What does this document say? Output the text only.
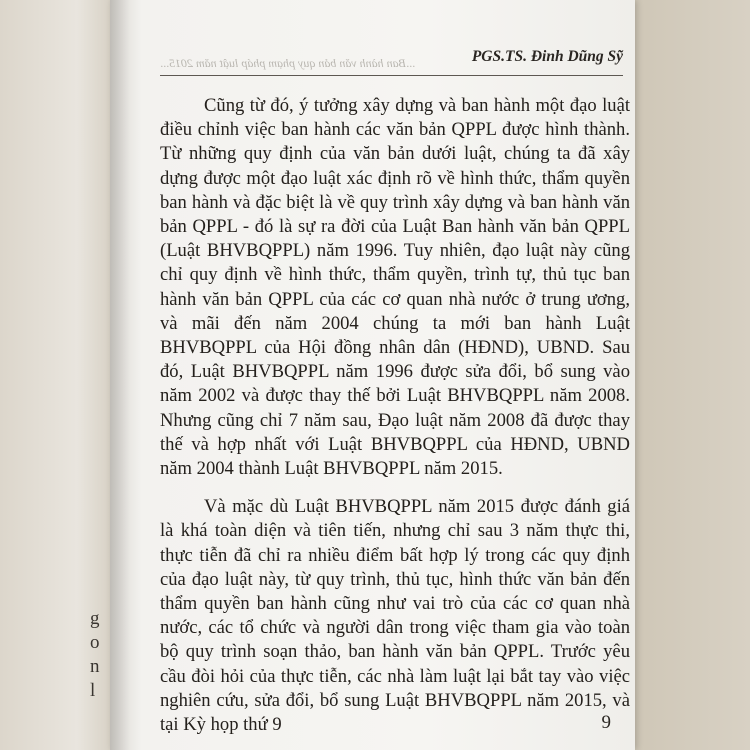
g
o
n
l
...Ban hành văn bản quy phạm pháp luật năm 2015...	PGS.TS. Đinh Dũng Sỹ

Cũng từ đó, ý tưởng xây dựng và ban hành một đạo luật điều chỉnh việc ban hành các văn bản QPPL được hình thành. Từ những quy định của văn bản dưới luật, chúng ta đã xây dựng được một đạo luật xác định rõ về hình thức, thẩm quyền ban hành và đặc biệt là về quy trình xây dựng và ban hành văn bản QPPL - đó là sự ra đời của Luật Ban hành văn bản QPPL (Luật BHVBQPPL) năm 1996. Tuy nhiên, đạo luật này cũng chỉ quy định về hình thức, thẩm quyền, trình tự, thủ tục ban hành văn bản QPPL của các cơ quan nhà nước ở trung ương, và mãi đến năm 2004 chúng ta mới ban hành Luật BHVBQPPL của Hội đồng nhân dân (HĐND), UBND. Sau đó, Luật BHVBQPPL năm 1996 được sửa đổi, bổ sung vào năm 2002 và được thay thế bởi Luật BHVBQPPL năm 2008. Nhưng cũng chỉ 7 năm sau, Đạo luật năm 2008 đã được thay thế và hợp nhất với Luật BHVBQPPL của HĐND, UBND năm 2004 thành Luật BHVBQPPL năm 2015.

Và mặc dù Luật BHVBQPPL năm 2015 được đánh giá là khá toàn diện và tiên tiến, nhưng chỉ sau 3 năm thực thi, thực tiễn đã chỉ ra nhiều điểm bất hợp lý trong các quy định của đạo luật này, từ quy trình, thủ tục, hình thức văn bản đến thẩm quyền ban hành cũng như vai trò của các cơ quan nhà nước, các tổ chức và người dân trong việc tham gia vào toàn bộ quy trình soạn thảo, ban hành văn bản QPPL. Trước yêu cầu đòi hỏi của thực tiễn, các nhà làm luật lại bắt tay vào việc nghiên cứu, sửa đổi, bổ sung Luật BHVBQPPL năm 2015, và tại Kỳ họp thứ 9	9
